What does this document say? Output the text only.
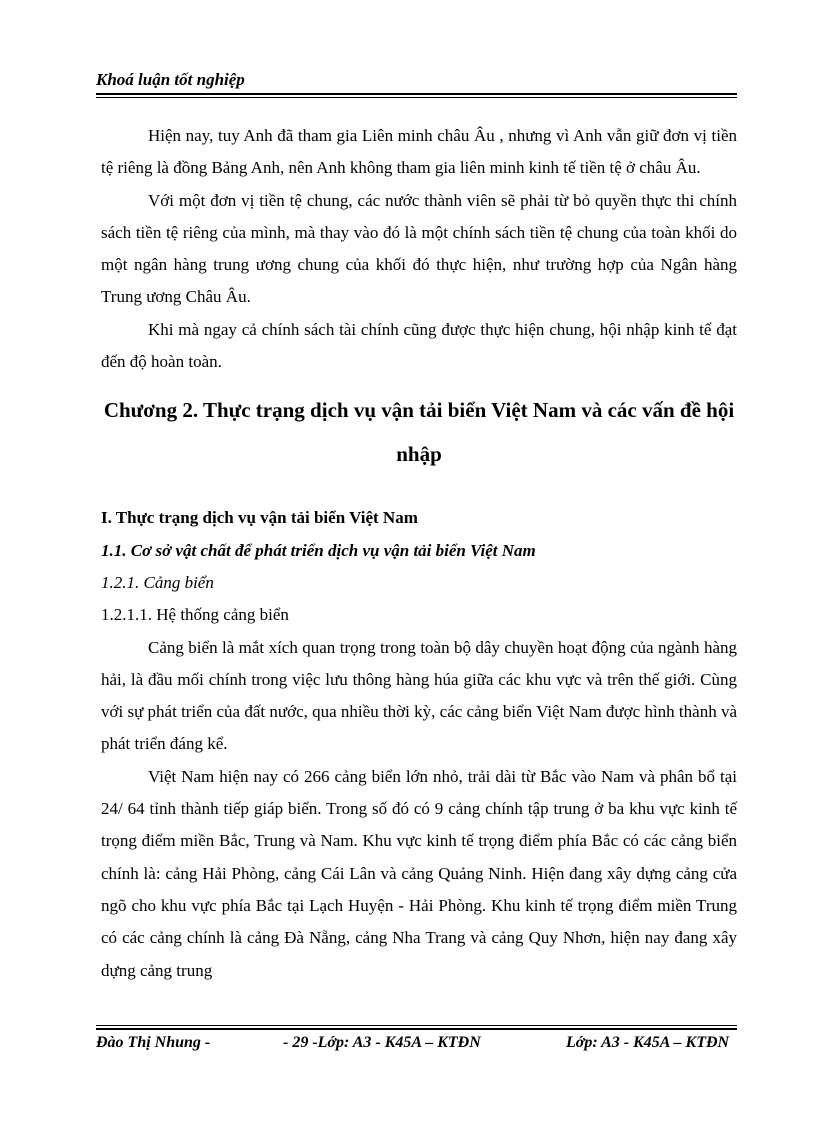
Khoá luận tốt nghiệp

Hiện nay, tuy Anh đã tham gia Liên minh châu Âu , nhưng vì Anh vẫn giữ đơn vị tiền tệ riêng là đồng Bảng Anh, nên Anh không tham gia liên minh kinh tế tiền tệ ở châu Âu.

Với một đơn vị tiền tệ chung, các nước thành viên sẽ phải từ bỏ quyền thực thi chính sách tiền tệ riêng của mình, mà thay vào đó là một chính sách tiền tệ chung của toàn khối do một ngân hàng trung ương chung của khối đó thực hiện, như trường hợp của Ngân hàng Trung ương Châu Âu.

Khi mà ngay cả chính sách tài chính cũng được thực hiện chung, hội nhập kinh tế đạt đến độ hoàn toàn.

Chương 2. Thực trạng dịch vụ vận tải biển Việt Nam và các vấn đề hội nhập

I. Thực trạng dịch vụ vận tải biển Việt Nam

1.1. Cơ sở vật chất để phát triển dịch vụ vận tải biển Việt Nam

1.2.1. Cảng biển

1.2.1.1. Hệ thống cảng biển

Cảng biển là mắt xích quan trọng trong toàn bộ dây chuyền hoạt động của ngành hàng hải, là đầu mối chính trong việc lưu thông hàng húa giữa các khu vực và trên thế giới. Cùng với sự phát triển của đất nước, qua nhiều thời kỳ, các cảng biển Việt Nam được hình thành và phát triển đáng kể.

Việt Nam hiện nay có 266 cảng biển lớn nhỏ, trải dài từ Bắc vào Nam và phân bổ tại 24/ 64 tỉnh thành tiếp giáp biển. Trong số đó có 9 cảng chính tập trung ở ba khu vực kinh tế trọng điểm miền Bắc, Trung và Nam. Khu vực kinh tế trọng điểm phía Bắc có các cảng biển chính là: cảng Hải Phòng, cảng Cái Lân và cảng Quảng Ninh. Hiện đang xây dựng cảng cửa ngõ cho khu vực phía Bắc tại Lạch Huyện - Hải Phòng. Khu kinh tế trọng điểm miền Trung có các cảng chính là cảng Đà Nẵng, cảng Nha Trang và cảng Quy Nhơn, hiện nay đang xây dựng cảng trung

Đào Thị Nhung -	- 29 -Lớp: A3 - K45A – KTĐN	Lớp: A3 - K45A – KTĐN
